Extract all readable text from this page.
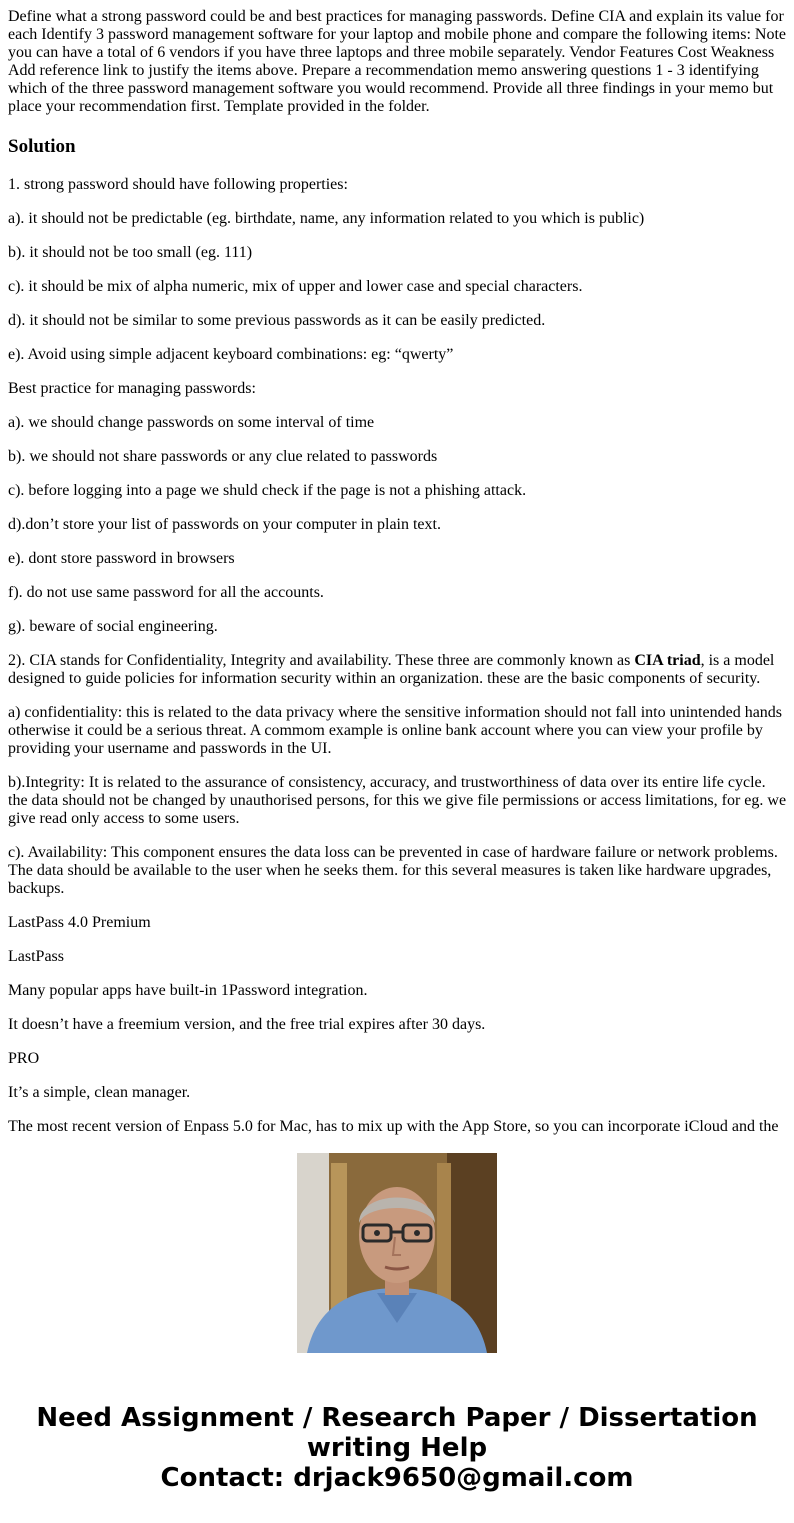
Define what a strong password could be and best practices for managing passwords. Define CIA and explain its value for each Identify 3 password management software for your laptop and mobile phone and compare the following items: Note you can have a total of 6 vendors if you have three laptops and three mobile separately. Vendor Features Cost Weakness Add reference link to justify the items above. Prepare a recommendation memo answering questions 1 - 3 identifying which of the three password management software you would recommend. Provide all three findings in your memo but place your recommendation first. Template provided in the folder.

Solution

1. strong password should have following properties:

a). it should not be predictable (eg. birthdate, name, any information related to you which is public)

b). it should not be too small (eg. 111)

c). it should be mix of alpha numeric, mix of upper and lower case and special characters.

d). it should not be similar to some previous passwords as it can be easily predicted.

e). Avoid using simple adjacent keyboard combinations: eg: “qwerty”

Best practice for managing passwords:

a). we should change passwords on some interval of time

b). we should not share passwords or any clue related to passwords

c). before logging into a page we shuld check if the page is not a phishing attack.

d).don’t store your list of passwords on your computer in plain text.

e). dont store password in browsers

f). do not use same password for all the accounts.

g). beware of social engineering.

2). CIA stands for Confidentiality, Integrity and availability. These three are commonly known as CIA triad, is a model designed to guide policies for information security within an organization. these are the basic components of security.

a) confidentiality: this is related to the data privacy where the sensitive information should not fall into unintended hands otherwise it could be a serious threat. A commom example is online bank account where you can view your profile by providing your username and passwords in the UI.

b).Integrity: It is related to the assurance of consistency, accuracy, and trustworthiness of data over its entire life cycle. the data should not be changed by unauthorised persons, for this we give file permissions or access limitations, for eg. we give read only access to some users.

c). Availability: This component ensures the data loss can be prevented in case of hardware failure or network problems. The data should be available to the user when he seeks them. for this several measures is taken like hardware upgrades, backups.

LastPass 4.0 Premium

LastPass

Many popular apps have built-in 1Password integration.

It doesn’t have a freemium version, and the free trial expires after 30 days.

PRO

It’s a simple, clean manager.

The most recent version of Enpass 5.0 for Mac, has to mix up with the App Store, so you can incorporate iCloud and the

Need Assignment / Research Paper / Dissertation
writing Help
Contact: drjack9650@gmail.com
